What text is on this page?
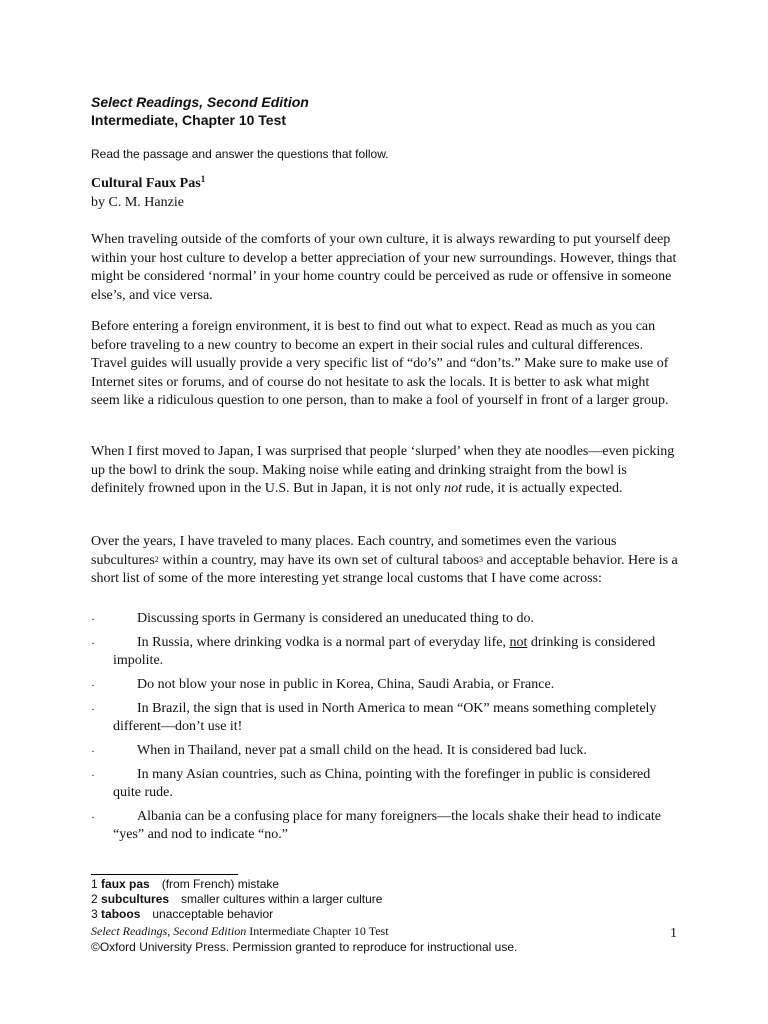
Select Readings, Second Edition
Intermediate, Chapter 10 Test
Read the passage and answer the questions that follow.
Cultural Faux Pas$^1$
by C. M. Hanzie

When traveling outside of the comforts of your own culture, it is always rewarding to put yourself deep within your host culture to develop a better appreciation of your new surroundings. However, things that might be considered ‘normal’ in your home country could be perceived as rude or offensive in someone else’s, and vice versa.

Before entering a foreign environment, it is best to find out what to expect. Read as much as you can before traveling to a new country to become an expert in their social rules and cultural differences. Travel guides will usually provide a very specific list of “do’s” and “don’ts.” Make sure to make use of Internet sites or forums, and of course do not hesitate to ask the locals. It is better to ask what might seem like a ridiculous question to one person, than to make a fool of yourself in front of a larger group.

When I first moved to Japan, I was surprised that people ‘slurped’ when they ate noodles—even picking up the bowl to drink the soup. Making noise while eating and drinking straight from the bowl is definitely frowned upon in the U.S. But in Japan, it is not only not rude, it is actually expected.

Over the years, I have traveled to many places. Each country, and sometimes even the various subcultures$^2$ within a country, may have its own set of cultural taboos$^3$ and acceptable behavior. Here is a short list of some of the more interesting yet strange local customs that I have come across:

·	Discussing sports in Germany is considered an uneducated thing to do.
·	In Russia, where drinking vodka is a normal part of everyday life, not drinking is considered impolite.
·	Do not blow your nose in public in Korea, China, Saudi Arabia, or France.
·	In Brazil, the sign that is used in North America to mean “OK” means something completely different—don’t use it!
·	When in Thailand, never pat a small child on the head. It is considered bad luck.
·	In many Asian countries, such as China, pointing with the forefinger in public is considered quite rude.
·	Albania can be a confusing place for many foreigners—the locals shake their head to indicate “yes” and nod to indicate “no.”
1 faux pas (from French) mistake
2 subcultures smaller cultures within a larger culture
3 taboos unacceptable behavior
Select Readings, Second Edition Intermediate Chapter 10 Test
©Oxford University Press. Permission granted to reproduce for instructional use.
1
